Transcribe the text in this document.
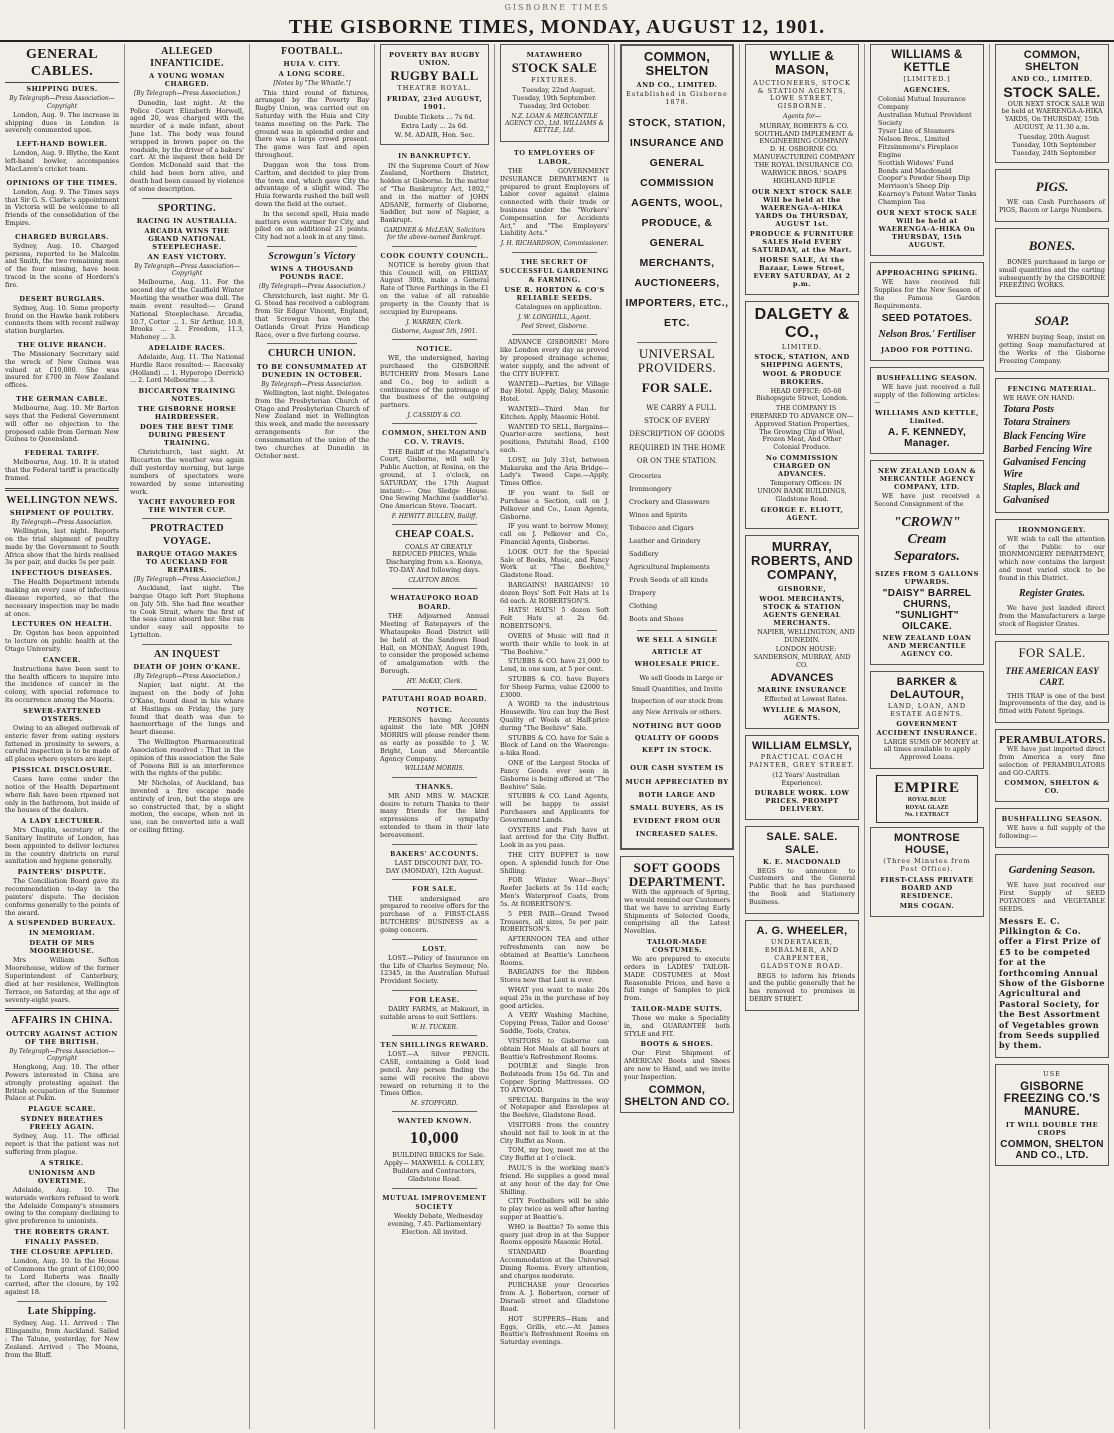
GISBORNE TIMES
THE GISBORNE TIMES, MONDAY, AUGUST 12, 1901.
GENERAL CABLES.
SHIPPING DUES.
By Telegraph—Press Association—Copyright
London, Aug. 9. The increase in shipping dues in London is severely commented upon.
LEFT-HAND BOWLER.
London, Aug. 9. Blythe, the Kent left-hand bowler, accompanies MacLaren's cricket team.
OPINIONS OF THE TIMES.
London, Aug. 9. The Times says that Sir G. S. Clarke's appointment in Victoria will be welcome to all friends of the consolidation of the Empire.
CHARGED BURGLARS.
Sydney, Aug. 10. Charged persons, reported to be Malcolm and Smith, the two remaining men of the four missing, have been traced in the scene of Hordern's fire.
DESERT BURGLARS.
Sydney, Aug. 10. Some property found on the Hawke bank robbers connects them with recent railway station burglaries.
THE OLIVE BRANCH.
The Missionary Secretary said the wreck of New Guinea was valued at £10,000. She was insured for £700 in New Zealand offices.
THE GERMAN CABLE.
Melbourne, Aug. 10. Mr Barton says that the Federal Government will offer no objection to the proposed cable from German New Guinea to Queensland.
FEDERAL TARIFF.
Melbourne, Aug. 10. It is stated that the Federal tariff is practically framed.
WELLINGTON NEWS.
SHIPMENT OF POULTRY.
By Telegraph—Press Association.
Wellington, last night. Reports on the trial shipment of poultry made by the Government to South Africa show that the birds realised 3s per pair, and ducks 5s per pair.
INFECTIOUS DISEASES.
The Health Department intends making an every case of infectious disease reported, so that the necessary inspection may be made at once.
LECTURES ON HEALTH.
Dr. Ogston has been appointed to lecture on public health at the Otago University.
CANCER.
Instructions have been sent to the health officers to inquire into the incidence of cancer in the colony, with special reference to its occurrence among the Maoris.
SEWER-FATTENED OYSTERS.
Owing to an alleged outbreak of enteric fever from eating oysters fattened in proximity to sewers, a careful inspection is to be made of all places where oysters are kept.
PISSICAL DISCLOSURE.
Cases have come under the notice of the Health Department where fish have been ripened not only in the bathroom, but inside of the houses of the dealers.
A LADY LECTURER.
Mrs Chaplin, secretary of the Sanitary Institute of London, has been appointed to deliver lectures in the country districts on rural sanitation and hygiene generally.
PAINTERS' DISPUTE.
The Conciliation Board gave its recommendation to-day in the painters' dispute. The decision conforms generally to the points of the award.
A SUSPENDED BUREAUX.
IN MEMORIAM.
DEATH OF MRS MOOREHOUSE.
Mrs William Sefton Moorehouse, widow of the former Superintendent of Canterbury, died at her residence, Wellington Terrace, on Saturday, at the age of seventy-eight years.
AFFAIRS IN CHINA.
OUTCRY AGAINST ACTION OF THE BRITISH.
By Telegraph—Press Association—Copyright
Hongkong, Aug. 10. The other Powers interested in China are strongly protesting against the British occupation of the Summer Palace at Pekin.
PLAGUE SCARE.
SYDNEY BREATHES FREELY AGAIN.
Sydney, Aug. 11. The official report is that the patient was not suffering from plague.
A STRIKE.
UNIONISM AND OVERTIME.
Adelaide, Aug. 10. The waterside workers refused to work the Adelaide Company's steamers owing to the company declining to give preference to unionists.
THE ROBERTS GRANT.
FINALLY PASSED.
THE CLOSURE APPLIED.
London, Aug. 10. In the House of Commons the grant of £100,000 to Lord Roberts was finally carried, after the closure, by 192 against 18.
Late Shipping.
Sydney, Aug. 11. Arrived : The Elingamite, from Auckland. Sailed : The Talune, yesterday, for New Zealand. Arrived : The Moana, from the Bluff.
ALLEGED INFANTICIDE.
A YOUNG WOMAN CHARGED.
[By Telegraph—Press Association.]
Dunedin, last night. At the Police Court Elizabeth Horwell, aged 20, was charged with the murder of a male infant, about June 1st. The body was found wrapped in brown paper on the roadside, by the driver of a bakers' cart. At the inquest then held Dr Gordon McDonald said that the child had been born alive, and death had been caused by violence of some description.
SPORTING.
RACING IN AUSTRALIA.
ARCADIA WINS THE GRAND NATIONAL STEEPLECHASE.
AN EASY VICTORY.
By Telegraph—Press Association—Copyright
Melbourne, Aug. 11. For the second day of the Caulfield Winter Meeting the weather was dull. The main event resulted:— Grand National Steeplechase. Arcadia, 10.7, Cotter ... 1. Sir Arthur, 10.8, Brooks ... 2. Freedom, 11.3, Mahoney ... 3.
ADELAIDE RACES.
Adelaide, Aug. 11. The National Hurdle Race resulted:— Racesaky (Holland) ... 1. Hyperopo (Derrick) ... 2. Lord Melbourne ... 3.
BICCARTON TRAINING NOTES.
THE GISBORNE HORSE HAIRDRESSER.
DOES THE BEST TIME DURING PRESENT TRAINING.
Christchurch, last night. At Riccarton the weather was again dull yesterday morning, but large numbers of spectators were rewarded by some interesting work.
YACHT FAVOURED FOR THE WINTER CUP.
PROTRACTED VOYAGE.
BARQUE OTAGO MAKES TO AUCKLAND FOR REPAIRS.
[By Telegraph—Press Association.]
Auckland, last night. The barque Otago left Port Stephens on July 5th. She had fine weather to Cook Strait, where the first of the seas came aboard her. She ran under easy sail opposite to Lyttelton.
AN INQUEST
DEATH OF JOHN O'KANE.
(By Telegraph—Press Association.)
Napier, last night. At the inquest on the body of John O'Kane, found dead in his whare at Hastings on Friday, the jury found that death was due to haemorrhage of the lungs and heart disease.
The Wellington Pharmaceutical Association resolved : That in the opinion of this association the Sale of Poisons Bill is an interference with the rights of the public.
Mr Nicholas, of Auckland, has invented a fire escape made entirely of iron, but the steps are so constructed that, by a slight motion, the escape, when not in use, can be converted into a wall or ceiling fitting.
FOOTBALL.
HUIA V. CITY.
A LONG SCORE.
[Notes by "The Whistle."]
This third round of fixtures, arranged by the Poverty Bay Rugby Union, was carried out on Saturday with the Huia and City teams meeting on the Park. The ground was in splendid order and there was a large crowd present. The game was fast and open throughout.
Duggan won the toss from Carlton, and decided to play from the town end, which gave City the advantage of a slight wind. The Huia forwards rushed the ball well down the field at the outset.
In the second spell, Huia made matters even warmer for City, and piled on an additional 21 points. City had not a look in at any time.
Scrowgun's Victory
WINS A THOUSAND POUNDS RACE.
(By Telegraph—Press Association.)
Christchurch, last night. Mr G. G. Stead has received a cablegram from Sir Edgar Vincent, England, that Scrowgun has won the Oatlands Great Prize Handicap Race, over a five furlong course.
CHURCH UNION.
TO BE CONSUMMATED AT DUNEDIN IN OCTOBER.
By Telegraph—Press Association.
Wellington, last night. Delegates from the Presbyterian Church of Otago and Presbyterian Church of New Zealand met in Wellington this week, and made the necessary arrangements for the consummation of the union of the two churches at Dunedin in October next.
POVERTY BAY RUGBY UNION.
RUGBY BALL
THEATRE ROYAL.
FRIDAY, 23rd AUGUST, 1901.
Double Tickets ... 7s 6d.
Extra Lady ... 2s 6d.
W. M. ADAIR, Hon. Sec.
IN BANKRUPTCY.
IN the Supreme Court of New Zealand, Northern District, holden at Gisborne. In the matter of "The Bankruptcy Act, 1892," and in the matter of JOHN ADSANE, formerly of Gisborne, Saddler, but now of Napier, a Bankrupt.
GARDNER & McLEAN, Solicitors for the above-named Bankrupt.
COOK COUNTY COUNCIL.
NOTICE is hereby given that this Council will, on FRIDAY, August 30th, make a General Rate of Three Farthings in the £1 on the value of all rateable property in the County that is occupied by Europeans.
J. WARREN, Clerk.
Gisborne, August 5th, 1901.
NOTICE.
WE, the undersigned, having purchased the GISBORNE BUTCHERY from Messrs Lane and Co., beg to solicit a continuance of the patronage of the business of the outgoing partners.
J. CASSIDY & CO.
COMMON, SHELTON AND CO. V. TRAVIS.
THE Bailiff of the Magistrate's Court, Gisborne, will sell by Public Auction, at Rosina, on the ground, at 1 o'clock, on SATURDAY, the 17th August instant:— One Sledge House. One Sewing Machine (saddler's). One American Stove. Teacart.
F. HEWITT BULLEN, Bailiff.
CHEAP COALS.
COALS AT GREATLY REDUCED PRICES, While Discharging from s.s. Koonya, TO-DAY And following days.
CLAYTON BROS.
WHATAUPOKO ROAD BOARD.
THE Adjourned Annual Meeting of Ratepayers of the Whataupoko Road District will be held at the Sandown Road Hall, on MONDAY, August 19th, to consider the proposed scheme of amalgamation with the Borough.
HY. McKAY, Clerk.
PATUTAHI ROAD BOARD.
NOTICE.
PERSONS having Accounts against the late MR JOHN MORRIS will please render them as early as possible to J. W. Bright, Loan and Mercantile Agency Company.
WILLIAM MORRIS.
THANKS.
MR AND MRS W. MACKIE desire to return Thanks to their many friends for the kind expressions of sympathy extended to them in their late bereavement.
BAKERS' ACCOUNTS.
LAST DISCOUNT DAY, TO-DAY (MONDAY), 12th August.
FOR SALE.
THE undersigned are prepared to receive offers for the purchase of a FIRST-CLASS BUTCHERS' BUSINESS as a going concern.
LOST.
LOST.—Policy of Insurance on the Life of Charles Seymour, No. 12345, in the Australian Mutual Provident Society.
FOR LEASE.
DAIRY FARMS, at Makauri, in suitable areas to suit Settlers.
W. H. TUCKER.
TEN SHILLINGS REWARD.
LOST.—A Silver PENCIL CASE, containing a Gold lead pencil. Any person finding the same will receive the above reward on returning it to the Times Office.
M. STOPFORD.
WANTED KNOWN.
10,000
BUILDING BRICKS for Sale. Apply— MAXWELL & COLLEY, Builders and Contractors, Gladstone Road.
MUTUAL IMPROVEMENT SOCIETY
Weekly Debate, Wednesday evening, 7.45. Parliamentary Election. All invited.
MATAWHERO
STOCK SALE
FIXTURES.
Tuesday, 22nd August. Tuesday, 19th September. Tuesday, 3rd October.
N.Z. LOAN & MERCANTILE AGENCY CO., Ltd. WILLIAMS & KETTLE, Ltd.
TO EMPLOYERS OF LABOR.
THE GOVERNMENT INSURANCE DEPARTMENT is prepared to grant Employers of Labor cover against claims connected with their trade or business under the "Workers' Compensation for Accidents Act," and "The Employers' Liability Acts."
J. H. RICHARDSON, Commissioner.
THE SECRET OF SUCCESSFUL GARDENING & FARMING.
USE R. HORTON & CO'S RELIABLE SEEDS.
Catalogues on application.
J. W. LONGHILL, Agent.
Peel Street, Gisborne.
ADVANCE GISBORNE! More like London every day as proved by proposed drainage scheme, water supply, and the advent of the CITY BUFFET.
WANTED—Parties, for Village Bay Hotel. Apply, Daley, Masonic Hotel.
WANTED—Third Man for Kitchen. Apply, Masonic Hotel.
WANTED TO SELL, Bargains—Quarter-acre sections, best positions, Patutahi Road, £100 each.
LOST, on July 31st, between Makaraka and the Aria Bridge—Lady's Tweed Cape.—Apply, Times Office.
IF you want to Sell or Purchase a Section, call on J. Pelkover and Co., Loan Agents, Gisborne.
IF you want to borrow Money, call on J. Pelkover and Co., Financial Agents, Gisborne.
LOOK OUT for the Special Sale of Books, Music, and Fancy Work at "The Beehive," Gladstone Road.
BARGAINS! BARGAINS! 10 dozen Boys' Soft Felt Hats at 1s 6d each. At ROBERTSON'S.
HATS! HATS! 5 dozen Soft Felt Hats at 2s 6d. ROBERTSON'S.
OVERS of Music will find it worth their while to look in at "The Beehive."
STUBBS & CO. have 21,000 to Lend, in one sum, at 5 per cent.
STUBBS & CO. have Buyers for Sheep Farms, value £2000 to £3000.
A WORD to the industrious Housewife. You can buy the Best Quality of Wools at Half-price during "The Beehive" Sale.
STUBBS & CO. have for Sale a Block of Land on the Waerenga-a-hika Road.
ONE of the Largest Stocks of Fancy Goods ever seen in Gisborne is being offered at "The Beehive" Sale.
STUBBS & CO. Land Agents, will be happy to assist Purchasers and Applicants for Government Lands.
OYSTERS and Fish have at last arrived for the City Buffet. Look in as you pass.
THE CITY BUFFET is now open. A splendid lunch for One Shilling.
FOR Winter Wear—Boys' Reefer Jackets at 5s 11d each; Men's Waterproof Coats, from 5s. At ROBERTSON'S.
5 PER PAIR—Grand Tweed Trousers, all sizes, 5s per pair. ROBERTSON'S.
AFTERNOON TEA and other refreshments can now be obtained at Beattie's Luncheon Rooms.
BARGAINS for the Ribbon Stores now that Lent is over.
WHAT you want to make 20s equal 25s in the purchase of boy good articles.
A VERY Washing Machine, Copying Press, Tailor and Goose' Saddle, Tools, Crates.
VISITORS to Gisborne can obtain Hot Meals at all hours at Beattie's Refreshment Rooms.
DOUBLE and Single Iron Bedsteads from 15s 6d. Tin and Copper Spring Mattresses. GO TO ATWOOD.
SPECIAL Bargains in the way of Notepaper and Envelopes at the Beehive, Gladstone Road.
VISITORS from the country should not fail to look in at the City Buffet as Noon.
TOM, my boy, meet me at the City Buffet at 1 o'clock.
PAUL'S is the working man's friend. He supplies a good meal at any hour of the day for One Shilling.
CITY Footballers will be able to play twice as well after having supper at Beattie's.
WHO is Beattie? To some this query just drop in at the Supper Rooms opposite Masonic Hotel.
STANDARD Boarding Accommodation at the Universal Dining Rooms. Every attention, and charges moderate.
PURCHASE your Groceries from A. J. Robertson, corner of Disraeli street and Gladstone Road.
HOT SUPPERS—Ham and Eggs, Grills, etc.—At James Beattie's Refreshment Rooms on Saturday evenings.
COMMON, SHELTON
AND CO., LIMITED.
Established in Gisborne 1878.
STOCK, STATION, INSURANCE AND GENERAL COMMISSION AGENTS, WOOL, PRODUCE, & GENERAL MERCHANTS, AUCTIONEERS, IMPORTERS, ETC., ETC.
UNIVERSAL PROVIDERS.
FOR SALE.
WE CARRY A FULL STOCK OF EVERY DESCRIPTION OF GOODS REQUIRED IN THE HOME OR ON THE STATION.
Groceries
Ironmongery
Crockery and Glassware
Wines and Spirits
Tobacco and Cigars
Leather and Grindery
Saddlery
Agricultural Implements
Fresh Seeds of all kinds
Drapery
Clothing
Boots and Shoes
WE SELL A SINGLE ARTICLE AT WHOLESALE PRICE.
We sell Goods in Large or Small Quantities, and Invite Inspection of our stock from any New Arrivals or others.
NOTHING BUT GOOD QUALITY OF GOODS KEPT IN STOCK.
OUR CASH SYSTEM IS MUCH APPRECIATED BY BOTH LARGE AND SMALL BUYERS, AS IS EVIDENT FROM OUR INCREASED SALES.
SOFT GOODS DEPARTMENT.
With the approach of Spring, we would remind our Customers that we have to arriving Early Shipments of Selected Goods, comprising all the Latest Novelties.
TAILOR-MADE COSTUMES.
We are prepared to execute orders in LADIES' TAILOR-MADE COSTUMES at Most Reasonable Prices, and have a full range of Samples to pick from.
TAILOR-MADE SUITS.
Those we make a Speciality in, and GUARANTEE both STYLE and FIT.
BOOTS & SHOES.
Our First Shipment of AMERICAN Boots and Shoes are now to Hand, and we invite your Inspection.
COMMON, SHELTON AND CO.
WYLLIE & MASON,
AUCTIONEERS, STOCK & STATION AGENTS, LOWE STREET, GISBORNE.
Agents for—
MURRAY, ROBERTS & CO.
SOUTHLAND IMPLEMENT & ENGINEERING COMPANY
D. H. OSBORNE CO. MANUFACTURING COMPANY
THE ROYAL INSURANCE CO.
WARWICK BROS.' SOAPS
HIGHLAND RIFLE
OUR NEXT STOCK SALE Will be held at the WAERENGA-A-HIKA YARDS On THURSDAY, AUGUST 1st.
PRODUCE & FURNITURE SALES Held EVERY SATURDAY, at the Mart.
HORSE SALE, At the Bazaar, Lowe Street, EVERY SATURDAY, At 2 p.m.
DALGETY & CO.,
LIMITED.
STOCK, STATION, AND SHIPPING AGENTS, WOOL & PRODUCE BROKERS.
HEAD OFFICE: 65-68 Bishopsgate Street, London.
THE COMPANY IS PREPARED TO ADVANCE ON— Approved Station Properties, The Growing Clip of Wool, Frozen Meat, And Other Colonial Produce.
No COMMISSION CHARGED ON ADVANCES.
Temporary Offices: IN UNION BANK BUILDINGS, Gladstone Road.
GEORGE E. ELIOTT, AGENT.
MURRAY, ROBERTS, AND COMPANY,
GISBORNE,
WOOL MERCHANTS, STOCK & STATION AGENTS GENERAL MERCHANTS.
NAPIER, WELLINGTON, AND DUNEDIN.
LONDON HOUSE: SANDERSON, MURRAY, AND CO.
ADVANCES
MARINE INSURANCE
Effected at Lowest Rates.
WYLLIE & MASON, AGENTS.
WILLIAM ELMSLY,
PRACTICAL COACH PAINTER, GREY STREET.
(12 Years' Australian Experience).
DURABLE WORK. LOW PRICES. PROMPT DELIVERY.
SALE. SALE. SALE.
K. E. MACDONALD
BEGS to announce to Customers and the General Public that he has purchased the Book and Stationery Business.
A. G. WHEELER,
UNDERTAKER, EMBALMER, AND CARPENTER, GLADSTONE ROAD.
BEGS to inform his friends and the public generally that he has removed to premises in DERBY STREET.
WILLIAMS & KETTLE
[LIMITED.]
AGENCIES.
Colonial Mutual Insurance Company
Australian Mutual Provident Society
Tyser Line of Steamers
Nelson Bros., Limited
Fitzsimmons's Fireplace Engine
Scottish Widows' Fund
Bonds and Macdonald
Cooper's Powder Sheep Dip
Morrison's Sheep Dip
Kearney's Patent Water Tanks
Champion Tea
OUR NEXT STOCK SALE Will be held at WAERENGA-A-HIKA On THURSDAY, 15th AUGUST.
APPROACHING SPRING.
WE have received full Supplies for the New Season of the Famous Garden Requirements.
SEED POTATOES.
Nelson Bros.' Fertiliser
JADOO FOR POTTING.
BUSHFALLING SEASON.
WE have just received a full supply of the following articles:—
WILLIAMS AND KETTLE, Limited.
A. F. KENNEDY, Manager.
NEW ZEALAND LOAN & MERCANTILE AGENCY COMPANY, LTD.
WE have just received a Second Consignment of the
"CROWN" Cream Separators.
SIZES FROM 5 GALLONS UPWARDS.
"DAISY" BARREL CHURNS,
"SUNLIGHT" OILCAKE.
NEW ZEALAND LOAN AND MERCANTILE AGENCY CO.
BARKER & DeLAUTOUR,
LAND, LOAN, AND ESTATE AGENTS.
GOVERNMENT ACCIDENT INSURANCE.
LARGE SUMS OF MONEY at all times available to apply Approved Loans.
EMPIRE
ROYAL BLUE
ROYAL GLAZE
No. 1 EXTRACT
MONTROSE HOUSE,
(Three Minutes from Post Office).
FIRST-CLASS PRIVATE BOARD AND RESIDENCE.
MRS COGAN.
COMMON, SHELTON
AND CO., LIMITED.
STOCK SALE.
OUR NEXT STOCK SALE Will be held at WAERENGA-A-HIKA YARDS, On THURSDAY, 15th AUGUST, At 11.30 a.m.
Tuesday, 20th August
Tuesday, 10th September
Tuesday, 24th September
PIGS.
WE can Cash Purchasers of PIGS, Bacon or Large Numbers.
BONES.
BONES purchased in large or small quantities and the carting subsequently by the GISBORNE FREEZING WORKS.
SOAP.
WHEN buying Soap, insist on getting Soap manufactured at the Works of the Gisborne Freezing Company.
FENCING MATERIAL.
WE HAVE ON HAND:
Totara Posts
Totara Strainers
Black Fencing Wire
Barbed Fencing Wire
Galvanised Fencing Wire
Staples, Black and Galvanised
IRONMONGERY.
WE wish to call the attention of the Public to our IRONMONGERY DEPARTMENT, which now contains the largest and most varied stock to be found in this District.
Register Grates.
We have just landed direct from the Manufacturers a large stock of Register Grates.
FOR SALE.
THE AMERICAN EASY CART.
THIS TRAP is one of the best Improvements of the day, and is fitted with Patent Springs.
PERAMBULATORS.
WE have just imported direct from America a very fine selection of PERAMBULATORS and GO-CARTS.
COMMON, SHELTON & CO.
BUSHFALLING SEASON.
WE have a full supply of the following:—
Gardening Season.
WE have just received our First Supply of SEED POTATOES and VEGETABLE SEEDS.
Messrs E. C. Pilkington & Co. offer a First Prize of £5 to be competed for at the forthcoming Annual Show of the Gisborne Agricultural and Pastoral Society, for the Best Assortment of Vegetables grown from Seeds supplied by them.
USE
GISBORNE FREEZING CO.'S MANURE.
IT WILL DOUBLE THE CROPS
COMMON, SHELTON AND CO., LTD.
